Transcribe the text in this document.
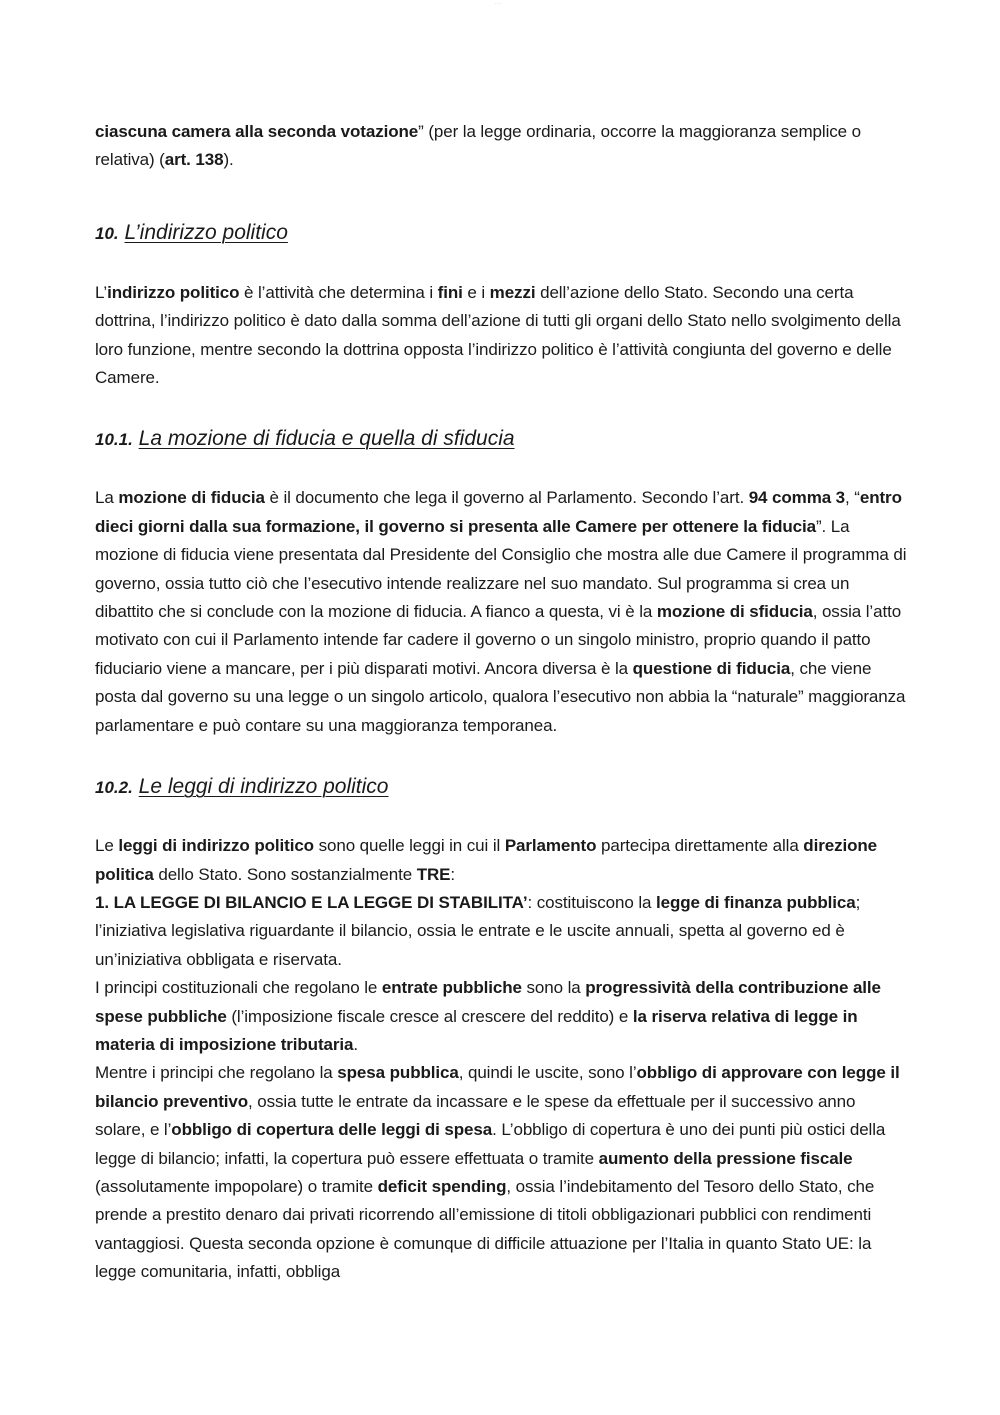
· · ·

ciascuna camera alla seconda votazione” (per la legge ordinaria, occorre la maggioranza semplice o relativa) (art. 138).

10. L’indirizzo politico

L’indirizzo politico è l’attività che determina i fini e i mezzi dell’azione dello Stato. Secondo una certa dottrina, l’indirizzo politico è dato dalla somma dell’azione di tutti gli organi dello Stato nello svolgimento della loro funzione, mentre secondo la dottrina opposta l’indirizzo politico è l’attività congiunta del governo e delle Camere.

10.1. La mozione di fiducia e quella di sfiducia

La mozione di fiducia è il documento che lega il governo al Parlamento. Secondo l’art. 94 comma 3, “entro dieci giorni dalla sua formazione, il governo si presenta alle Camere per ottenere la fiducia”. La mozione di fiducia viene presentata dal Presidente del Consiglio che mostra alle due Camere il programma di governo, ossia tutto ciò che l’esecutivo intende realizzare nel suo mandato. Sul programma si crea un dibattito che si conclude con la mozione di fiducia. A fianco a questa, vi è la mozione di sfiducia, ossia l’atto motivato con cui il Parlamento intende far cadere il governo o un singolo ministro, proprio quando il patto fiduciario viene a mancare, per i più disparati motivi. Ancora diversa è la questione di fiducia, che viene posta dal governo su una legge o un singolo articolo, qualora l’esecutivo non abbia la “naturale” maggioranza parlamentare e può contare su una maggioranza temporanea.

10.2. Le leggi di indirizzo politico

Le leggi di indirizzo politico sono quelle leggi in cui il Parlamento partecipa direttamente alla direzione politica dello Stato. Sono sostanzialmente TRE:

1. LA LEGGE DI BILANCIO E LA LEGGE DI STABILITA’: costituiscono la legge di finanza pubblica; l’iniziativa legislativa riguardante il bilancio, ossia le entrate e le uscite annuali, spetta al governo ed è un’iniziativa obbligata e riservata.

I principi costituzionali che regolano le entrate pubbliche sono la progressività della contribuzione alle spese pubbliche (l’imposizione fiscale cresce al crescere del reddito) e la riserva relativa di legge in materia di imposizione tributaria.

Mentre i principi che regolano la spesa pubblica, quindi le uscite, sono l’obbligo di approvare con legge il bilancio preventivo, ossia tutte le entrate da incassare e le spese da effettuale per il successivo anno solare, e l’obbligo di copertura delle leggi di spesa. L’obbligo di copertura è uno dei punti più ostici della legge di bilancio; infatti, la copertura può essere effettuata o tramite aumento della pressione fiscale (assolutamente impopolare) o tramite deficit spending, ossia l’indebitamento del Tesoro dello Stato, che prende a prestito denaro dai privati ricorrendo all’emissione di titoli obbligazionari pubblici con rendimenti vantaggiosi. Questa seconda opzione è comunque di difficile attuazione per l’Italia in quanto Stato UE: la legge comunitaria, infatti, obbliga
